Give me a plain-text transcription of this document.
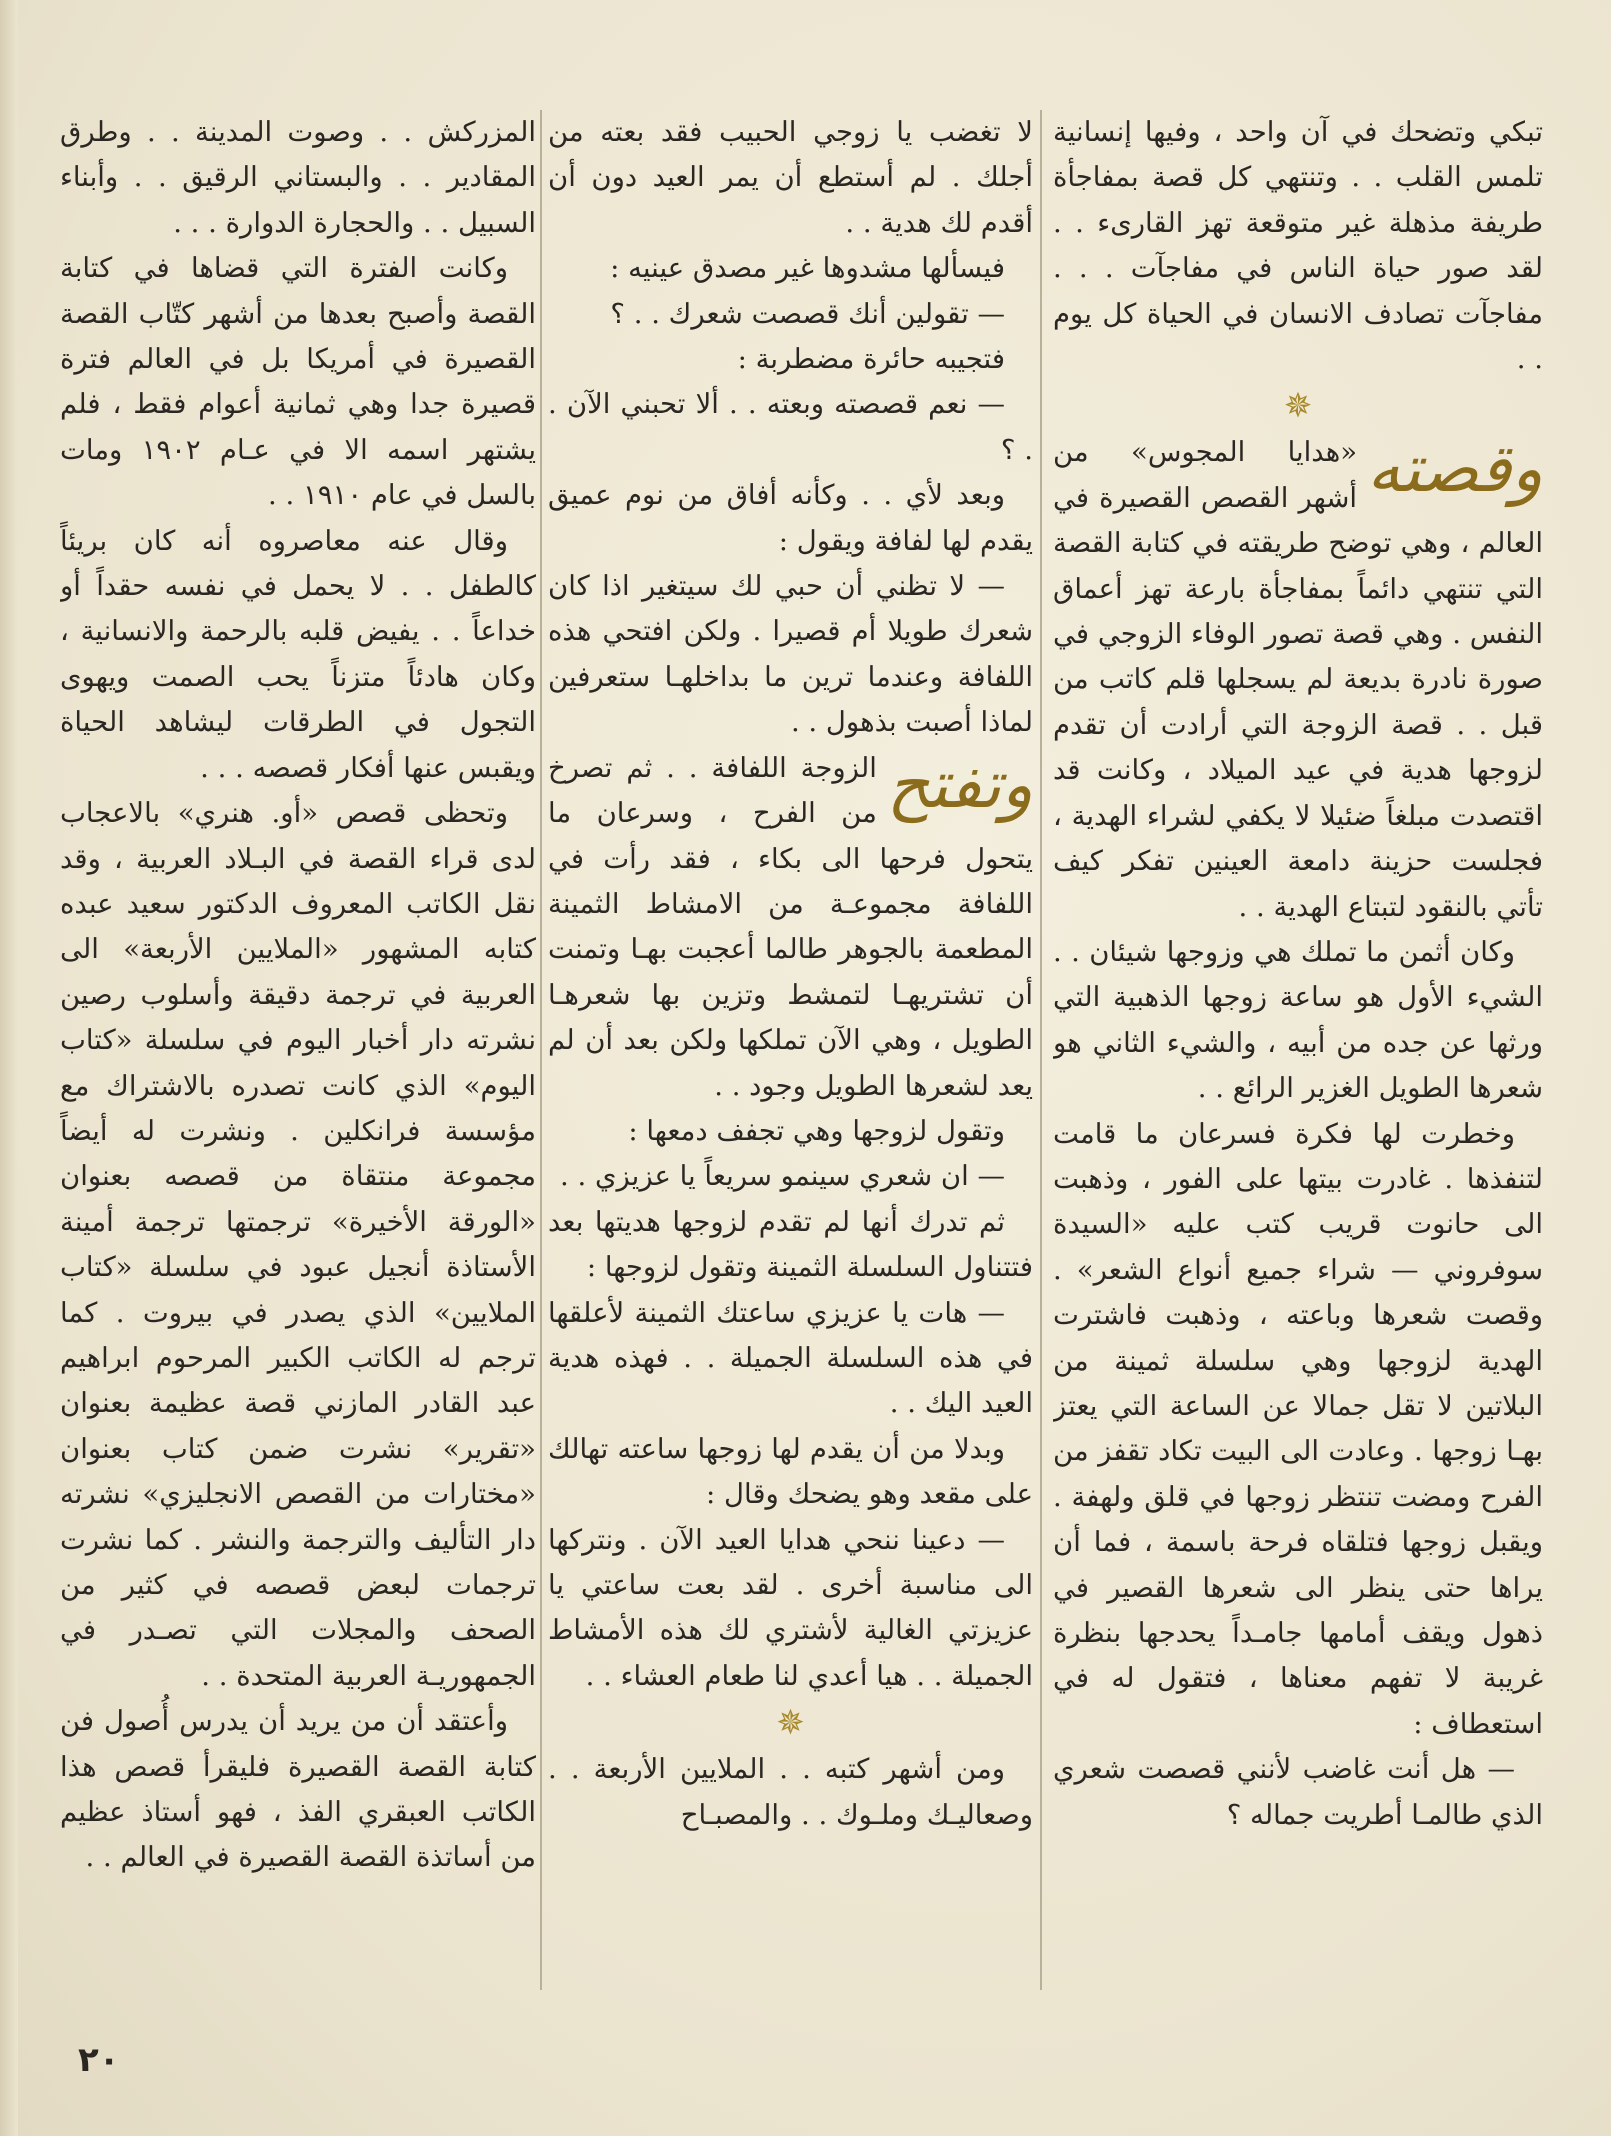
تبكي وتضحك في آن واحد ، وفيها إنسانية تلمس القلب . . وتنتهي كل قصة بمفاجأة طريفة مذهلة غير متوقعة تهز القارىء . . لقد صور حياة الناس في مفاجآت . . . مفاجآت تصادف الانسان في الحياة كل يوم . .

✵
وقصته

«هدايا المجوس» من أشهر القصص القصيرة في العالم ، وهي توضح طريقته في كتابة القصة التي تنتهي دائماً بمفاجأة بارعة تهز أعماق النفس . وهي قصة تصور الوفاء الزوجي في صورة نادرة بديعة لم يسجلها قلم كاتب من قبل . . قصة الزوجة التي أرادت أن تقدم لزوجها هدية في عيد الميلاد ، وكانت قد اقتصدت مبلغاً ضئيلا لا يكفي لشراء الهدية ، فجلست حزينة دامعة العينين تفكر كيف تأتي بالنقود لتبتاع الهدية . .

وكان أثمن ما تملك هي وزوجها شيئان . . الشيء الأول هو ساعة زوجها الذهبية التي ورثها عن جده من أبيه ، والشيء الثاني هو شعرها الطويل الغزير الرائع . .

وخطرت لها فكرة فسرعان ما قامت لتنفذها . غادرت بيتها على الفور ، وذهبت الى حانوت قريب كتب عليه «السيدة سوفروني — شراء جميع أنواع الشعر» . وقصت شعرها وباعته ، وذهبت فاشترت الهدية لزوجها وهي سلسلة ثمينة من البلاتين لا تقل جمالا عن الساعة التي يعتز بهـا زوجها . وعادت الى البيت تكاد تقفز من الفرح ومضت تنتظر زوجها في قلق ولهفة . ويقبل زوجها فتلقاه فرحة باسمة ، فما أن يراها حتى ينظر الى شعرها القصير في ذهول ويقف أمامها جامـداً يحدجها بنظرة غريبة لا تفهم معناها ، فتقول له في استعطاف :

— هل أنت غاضب لأنني قصصت شعري الذي طالمـا أطريت جماله ؟

لا تغضب يا زوجي الحبيب فقد بعته من أجلك . لم أستطع أن يمر العيد دون أن أقدم لك هدية . .

فيسألها مشدوها غير مصدق عينيه :

— تقولين أنك قصصت شعرك . . ؟

فتجيبه حائرة مضطربة :

— نعم قصصته وبعته . . ألا تحبني الآن . . ؟

وبعد لأي . . وكأنه أفاق من نوم عميق يقدم لها لفافة ويقول :

— لا تظني أن حبي لك سيتغير اذا كان شعرك طويلا أم قصيرا . ولكن افتحي هذه اللفافة وعندما ترين ما بداخلهـا ستعرفين لماذا أصبت بذهول . .

وتفتح

الزوجة اللفافة . . ثم تصرخ من الفرح ، وسرعان ما يتحول فرحها الى بكاء ، فقد رأت في اللفافة مجموعـة من الامشاط الثمينة المطعمة بالجوهر طالما أعجبت بهـا وتمنت أن تشتريهـا لتمشط وتزين بها شعرهـا الطويل ، وهي الآن تملكها ولكن بعد أن لم يعد لشعرها الطويل وجود . .

وتقول لزوجها وهي تجفف دمعها :

— ان شعري سينمو سريعاً يا عزيزي . .

ثم تدرك أنها لم تقدم لزوجها هديتها بعد فتتناول السلسلة الثمينة وتقول لزوجها :

— هات يا عزيزي ساعتك الثمينة لأعلقها في هذه السلسلة الجميلة . . فهذه هدية العيد اليك . .

وبدلا من أن يقدم لها زوجها ساعته تهالك على مقعد وهو يضحك وقال :

— دعينا ننحي هدايا العيد الآن . ونتركها الى مناسبة أخرى . لقد بعت ساعتي يا عزيزتي الغالية لأشتري لك هذه الأمشاط الجميلة . . هيا أعدي لنا طعام العشاء . .

✵

ومن أشهر كتبه . . الملايين الأربعة . . وصعاليـك وملـوك . . والمصبـاح

المزركش . . وصوت المدينة . . وطرق المقادير . . والبستاني الرقيق . . وأبناء السبيل . . والحجارة الدوارة . . .

وكانت الفترة التي قضاها في كتابة القصة وأصبح بعدها من أشهر كتّاب القصة القصيرة في أمريكا بل في العالم فترة قصيرة جدا وهي ثمانية أعوام فقط ، فلم يشتهر اسمه الا في عـام ١٩٠٢ ومات بالسل في عام ١٩١٠ . .

وقال عنه معاصروه أنه كان بريئاً كالطفل . . لا يحمل في نفسه حقداً أو خداعاً . . يفيض قلبه بالرحمة والانسانية ، وكان هادئاً متزناً يحب الصمت ويهوى التجول في الطرقات ليشاهد الحياة ويقبس عنها أفكار قصصه . . .

وتحظى قصص «أو. هنري» بالاعجاب لدى قراء القصة في البـلاد العربية ، وقد نقل الكاتب المعروف الدكتور سعيد عبده كتابه المشهور «الملايين الأربعة» الى العربية في ترجمة دقيقة وأسلوب رصين نشرته دار أخبار اليوم في سلسلة «كتاب اليوم» الذي كانت تصدره بالاشتراك مع مؤسسة فرانكلين . ونشرت له أيضاً مجموعة منتقاة من قصصه بعنوان «الورقة الأخيرة» ترجمتها ترجمة أمينة الأستاذة أنجيل عبود في سلسلة «كتاب الملايين» الذي يصدر في بيروت . كما ترجم له الكاتب الكبير المرحوم ابراهيم عبد القادر المازني قصة عظيمة بعنوان «تقرير» نشرت ضمن كتاب بعنوان «مختارات من القصص الانجليزي» نشرته دار التأليف والترجمة والنشر . كما نشرت ترجمات لبعض قصصه في كثير من الصحف والمجلات التي تصـدر في الجمهوريـة العربية المتحدة . .

وأعتقد أن من يريد أن يدرس أُصول فن كتابة القصة القصيرة فليقرأ قصص هذا الكاتب العبقري الفذ ، فهو أستاذ عظيم من أساتذة القصة القصيرة في العالم . .

٢٠
